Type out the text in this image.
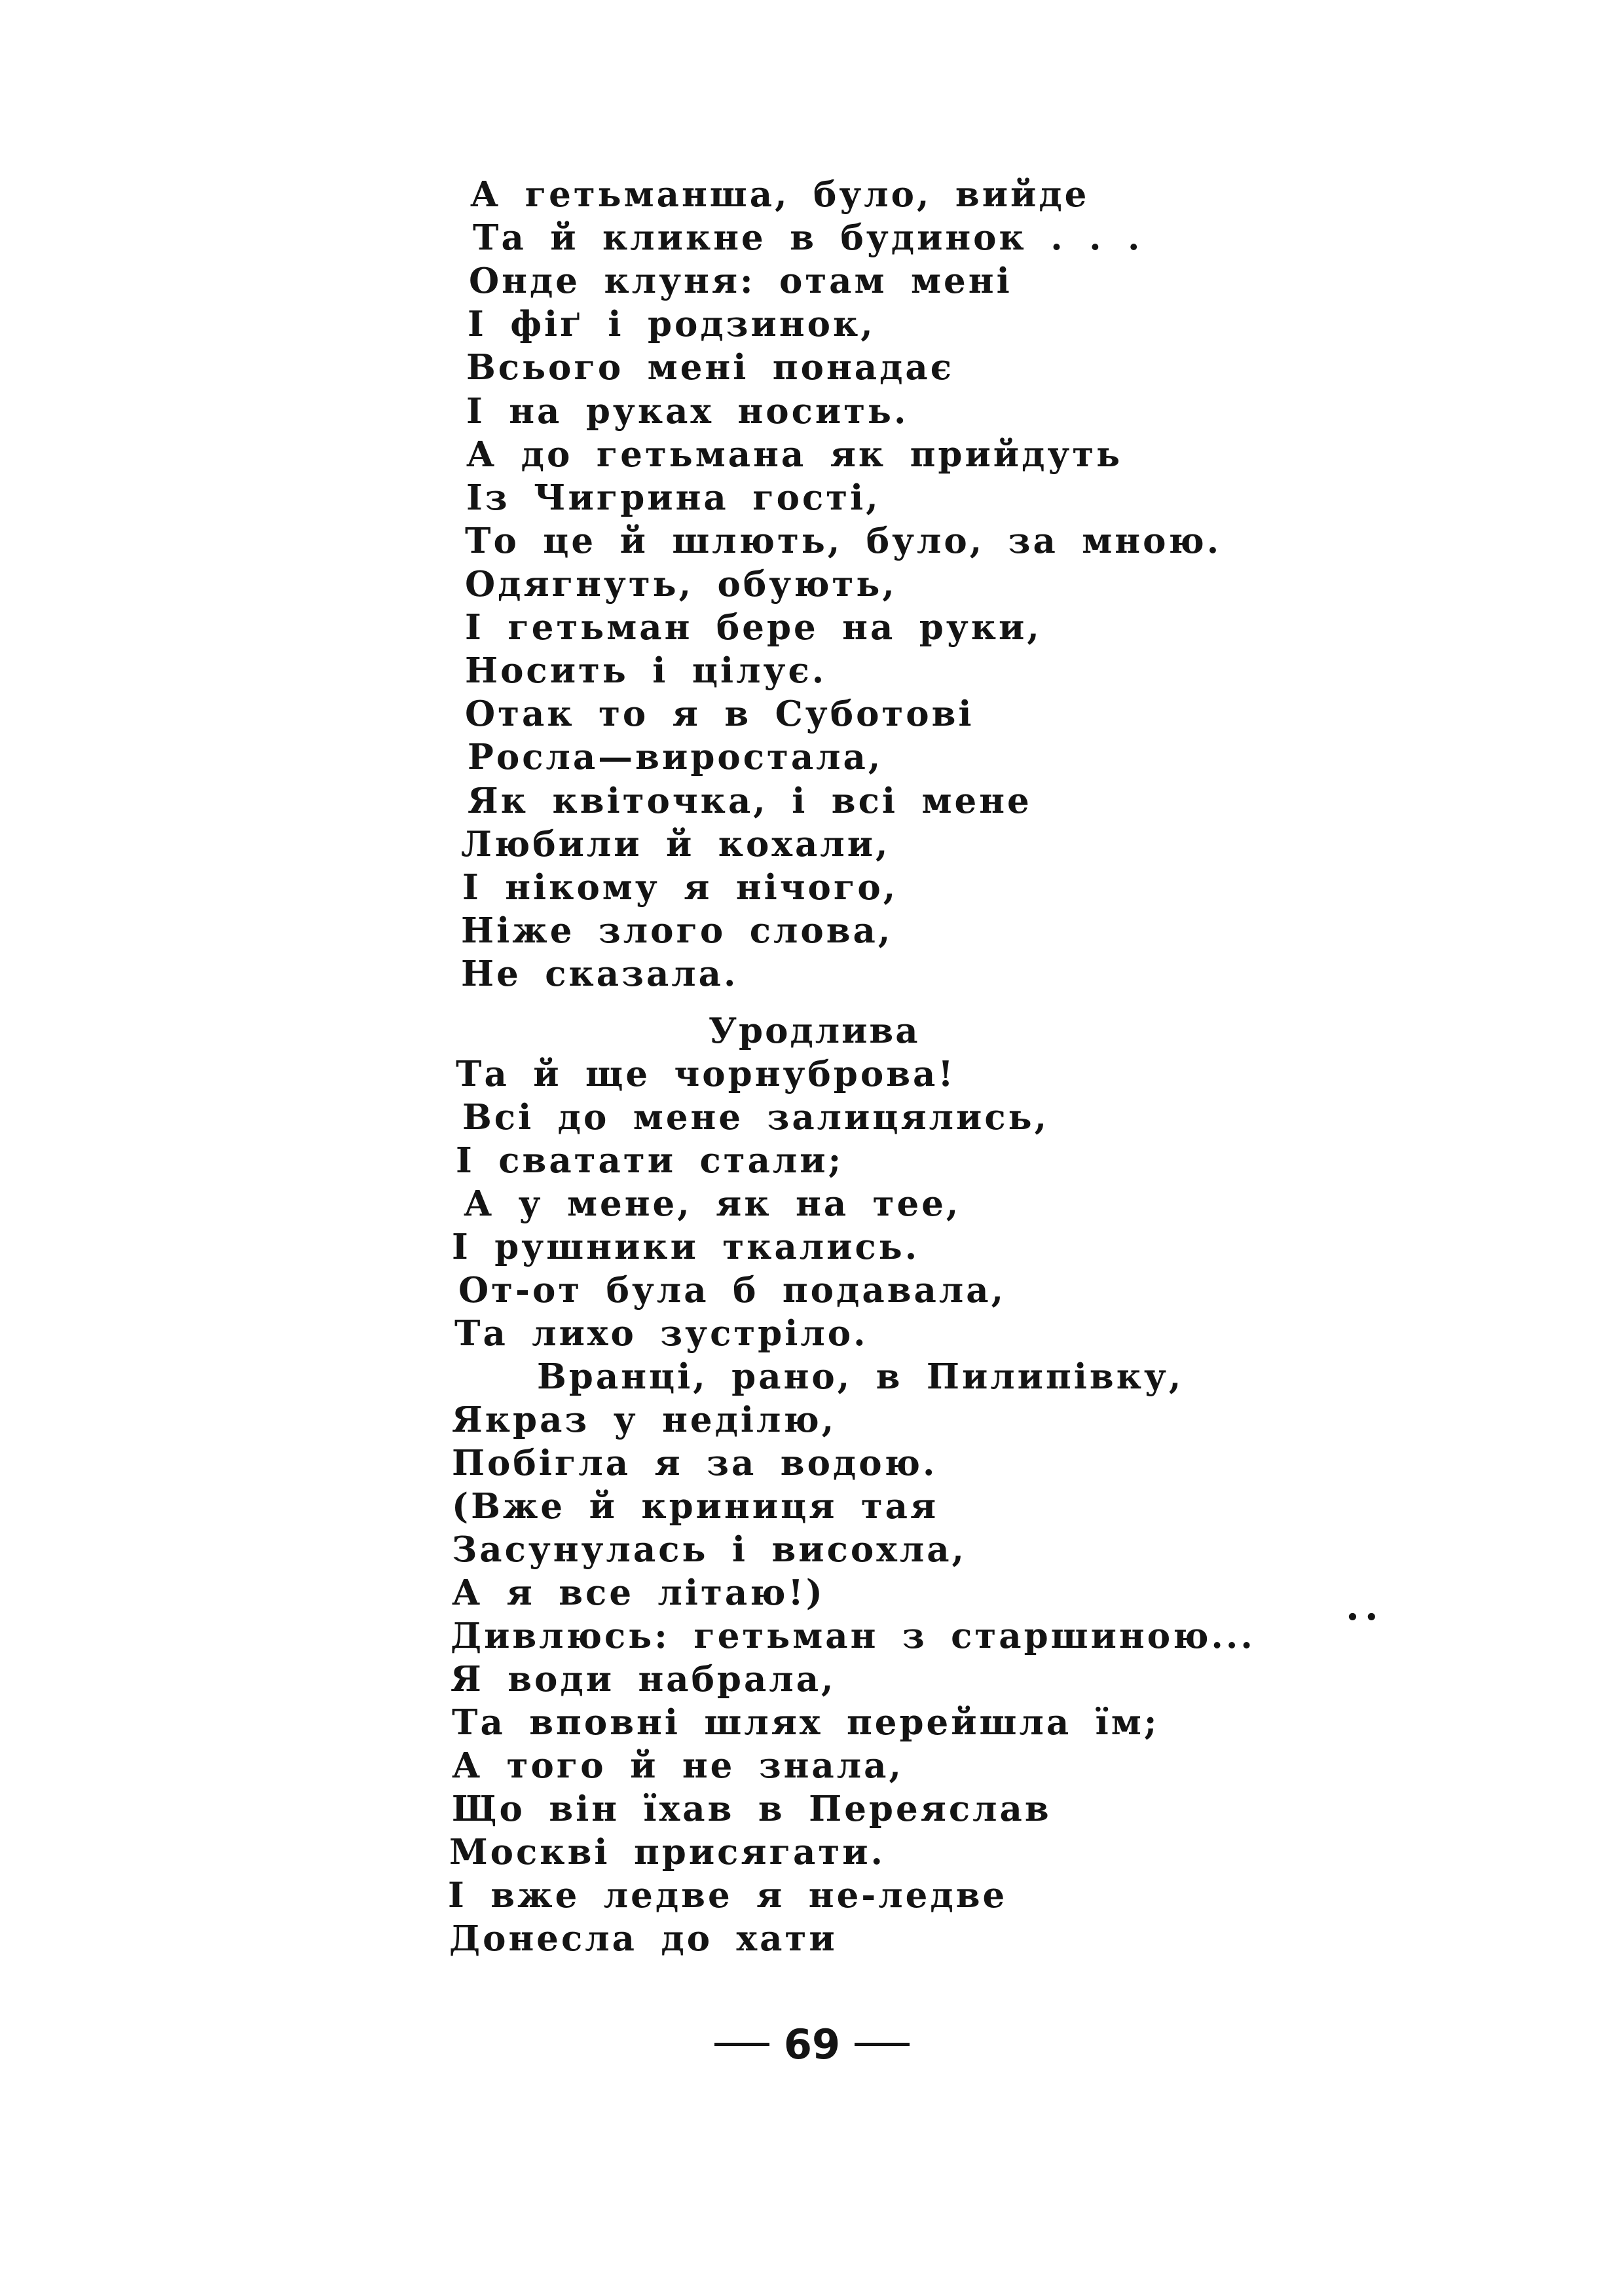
А гетьманша, було, вийде
Та й кликне в будинок . . .
Онде клуня: отам мені
І фіґ і родзинок,
Всього мені понадає
І на руках носить.
А до гетьмана як прийдуть
Із Чигрина гості,
То це й шлють, було, за мною.
Одягнуть, обують,
І гетьман бере на руки,
Носить і цілує.
Отак то я в Суботові
Росла—виростала,
Як квіточка, і всі мене
Любили й кохали,
І нікому я нічого,
Ніже злого слова,
Не сказала.
Уродлива
Та й ще чорнуброва!
Всі до мене залицялись,
І сватати стали;
А у мене, як на тее,
І рушники ткались.
От-от була б подавала,
Та лихо зустріло.
Вранці, рано, в Пилипівку,
Якраз у неділю,
Побігла я за водою.
(Вже й криниця тая
Засунулась і висохла,
А я все літаю!)
Дивлюсь: гетьман з старшиною...
Я води набрала,
Та вповні шлях перейшла їм;
А того й не знала,
Що він їхав в Переяслав
Москві присягати.
І вже ледве я не-ледве
Донесла до хати
..
69
